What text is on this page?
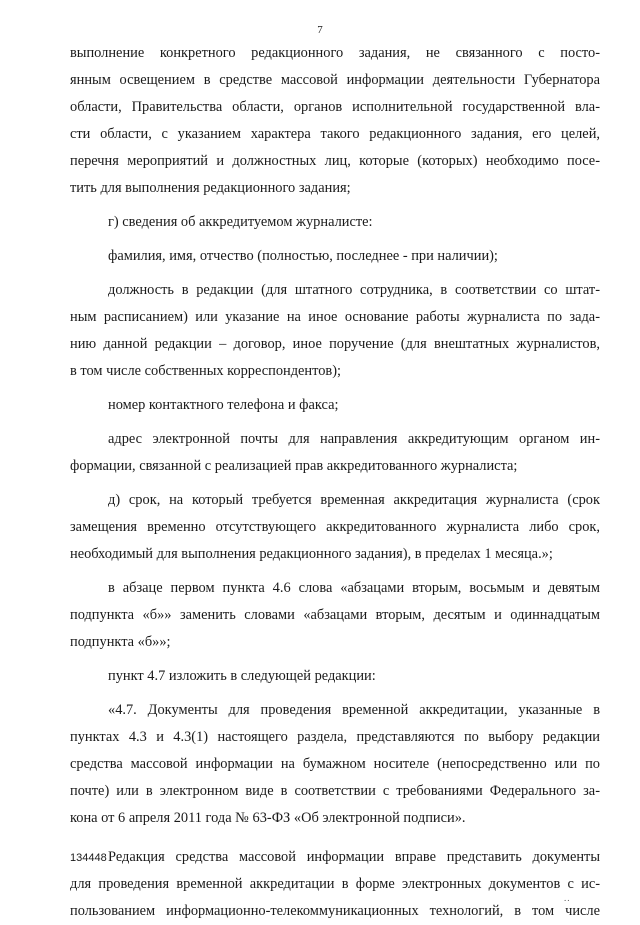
7

выполнение конкретного редакционного задания, не связанного с посто-
янным освещением в средстве массовой информации деятельности Губернатора
области, Правительства области, органов исполнительной государственной вла-
сти области, с указанием характера такого редакционного задания, его целей,
перечня мероприятий и должностных лиц, которые (которых) необходимо посе-
тить для выполнения редакционного задания;

г) сведения об аккредитуемом журналисте:

фамилия, имя, отчество (полностью, последнее - при наличии);

должность в редакции (для штатного сотрудника, в соответствии со штат-
ным расписанием) или указание на иное основание работы журналиста по зада-
нию данной редакции – договор, иное поручение (для внештатных журналистов,
в том числе собственных корреспондентов);

номер контактного телефона и факса;

адрес электронной почты для направления аккредитующим органом ин-
формации, связанной с реализацией прав аккредитованного журналиста;

д) срок, на который требуется временная аккредитация журналиста (срок
замещения временно отсутствующего аккредитованного журналиста либо срок,
необходимый для выполнения редакционного задания), в пределах 1 месяца.»;

в абзаце первом пункта 4.6 слова «абзацами вторым, восьмым и девятым
подпункта «б»» заменить словами «абзацами вторым, десятым и одиннадцатым
подпункта «б»»;

пункт 4.7 изложить в следующей редакции:

«4.7. Документы для проведения временной аккредитации, указанные в
пунктах 4.3 и 4.3(1) настоящего раздела, представляются по выбору редакции
средства массовой информации на бумажном носителе (непосредственно или по
почте) или в электронном виде в соответствии с требованиями Федерального за-
кона от 6 апреля 2011 года № 63-ФЗ «Об электронной подписи».

Редакция средства массовой информации вправе представить документы
для проведения временной аккредитации в форме электронных документов с ис-
пользованием информационно-телекоммуникационных технологий, в том числе

134448
..
